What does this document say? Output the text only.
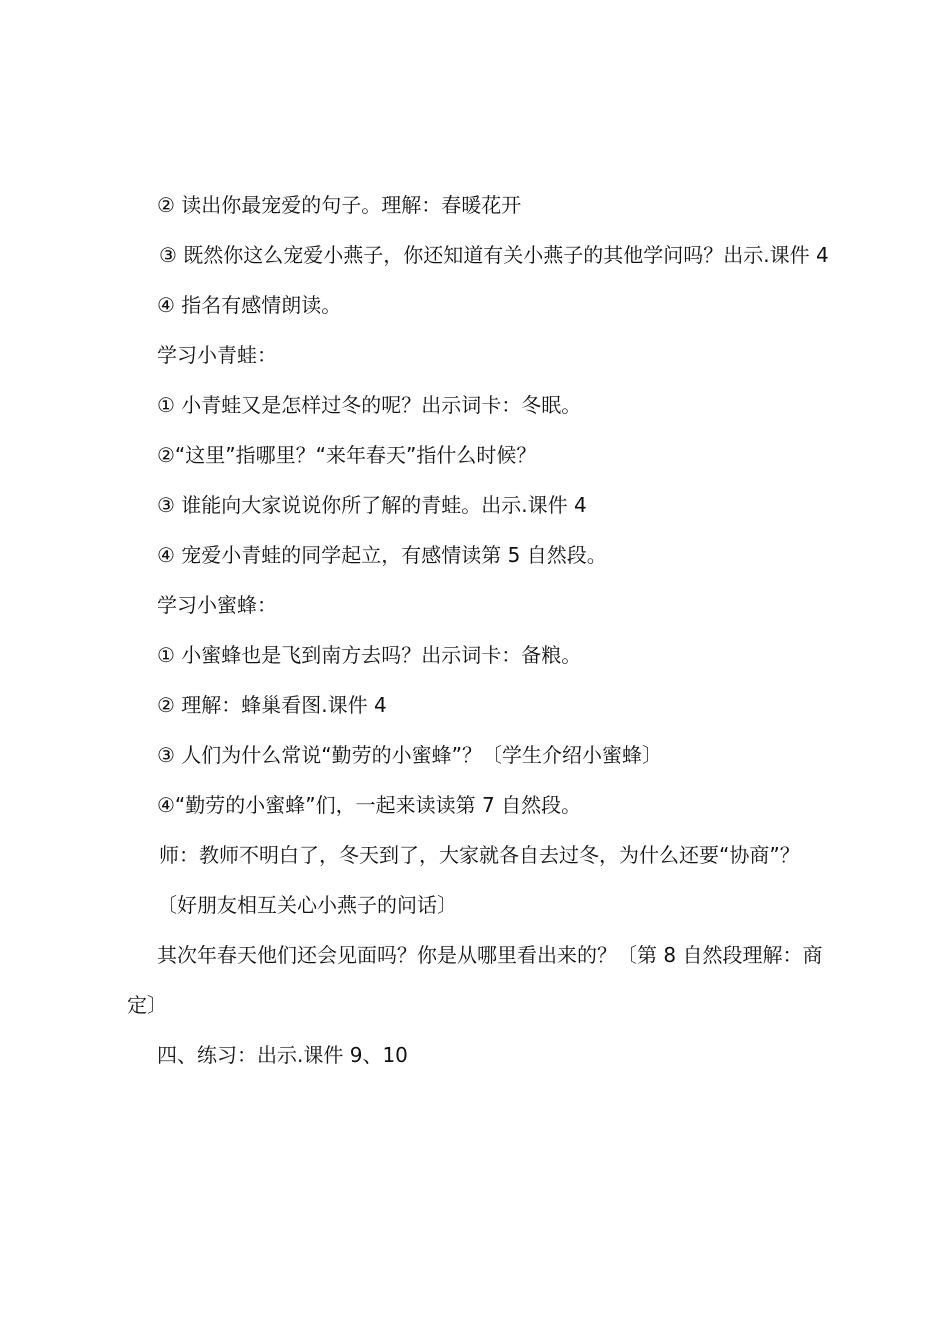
② 读出你最宠爱的句子。理解：春暖花开

③ 既然你这么宠爱小燕子，你还知道有关小燕子的其他学问吗？出示.课件 4

④ 指名有感情朗读。

学习小青蛙：

① 小青蛙又是怎样过冬的呢？出示词卡：冬眠。

②“这里”指哪里？“来年春天”指什么时候？

③ 谁能向大家说说你所了解的青蛙。出示.课件 4

④ 宠爱小青蛙的同学起立，有感情读第 5 自然段。

学习小蜜蜂：

① 小蜜蜂也是飞到南方去吗？出示词卡：备粮。

② 理解：蜂巢看图.课件 4

③ 人们为什么常说“勤劳的小蜜蜂”？〔学生介绍小蜜蜂〕

④“勤劳的小蜜蜂”们，一起来读读第 7 自然段。

师：教师不明白了，冬天到了，大家就各自去过冬，为什么还要“协商”？

〔好朋友相互关心小燕子的问话〕

其次年春天他们还会见面吗？你是从哪里看出来的？〔第 8 自然段理解：商定〕

四、练习：出示.课件 9、10
